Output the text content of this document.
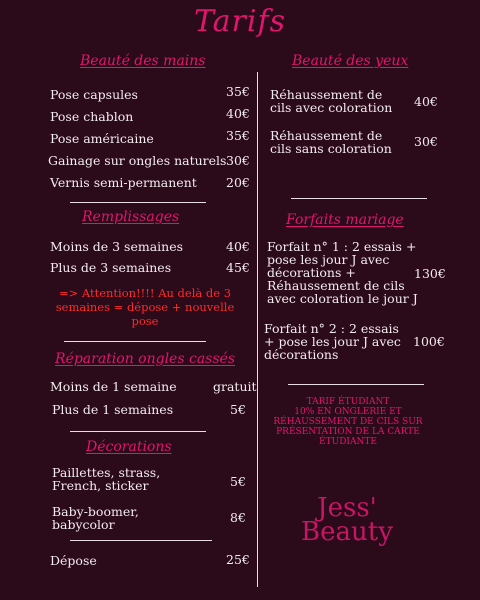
Tarifs
Beauté des mains
Pose capsules	35€
Pose chablon	40€
Pose américaine	35€
Gainage sur ongles naturels 30€
Vernis semi-permanent 20€
Remplissages
Moins de 3 semaines	40€
Plus de 3 semaines	45€
=> Attention!!!! Au delà de 3
semaines = dépose + nouvelle
pose
Réparation ongles cassés
Moins de 1 semaine	gratuit
Plus de 1 semaines	5€
Décorations
Paillettes, strass,
French, sticker	5€
Baby-boomer,
babycolor	8€
Dépose	25€
Beauté des yeux
Réhaussement de
cils avec coloration 40€
Réhaussement de
cils sans coloration 30€
Forfaits mariage
Forfait n° 1 : 2 essais +
pose les jour J avec
décorations +
Réhaussement de cils
avec coloration le jour J
130€
Forfait n° 2 : 2 essais
+ pose les jour J avec
décorations
100€
TARIF ÉTUDIANT
10% EN ONGLERIE ET
RÉHAUSSEMENT DE CILS SUR
PRÉSENTATION DE LA CARTE
ÉTUDIANTE
Jess'
Beauty
